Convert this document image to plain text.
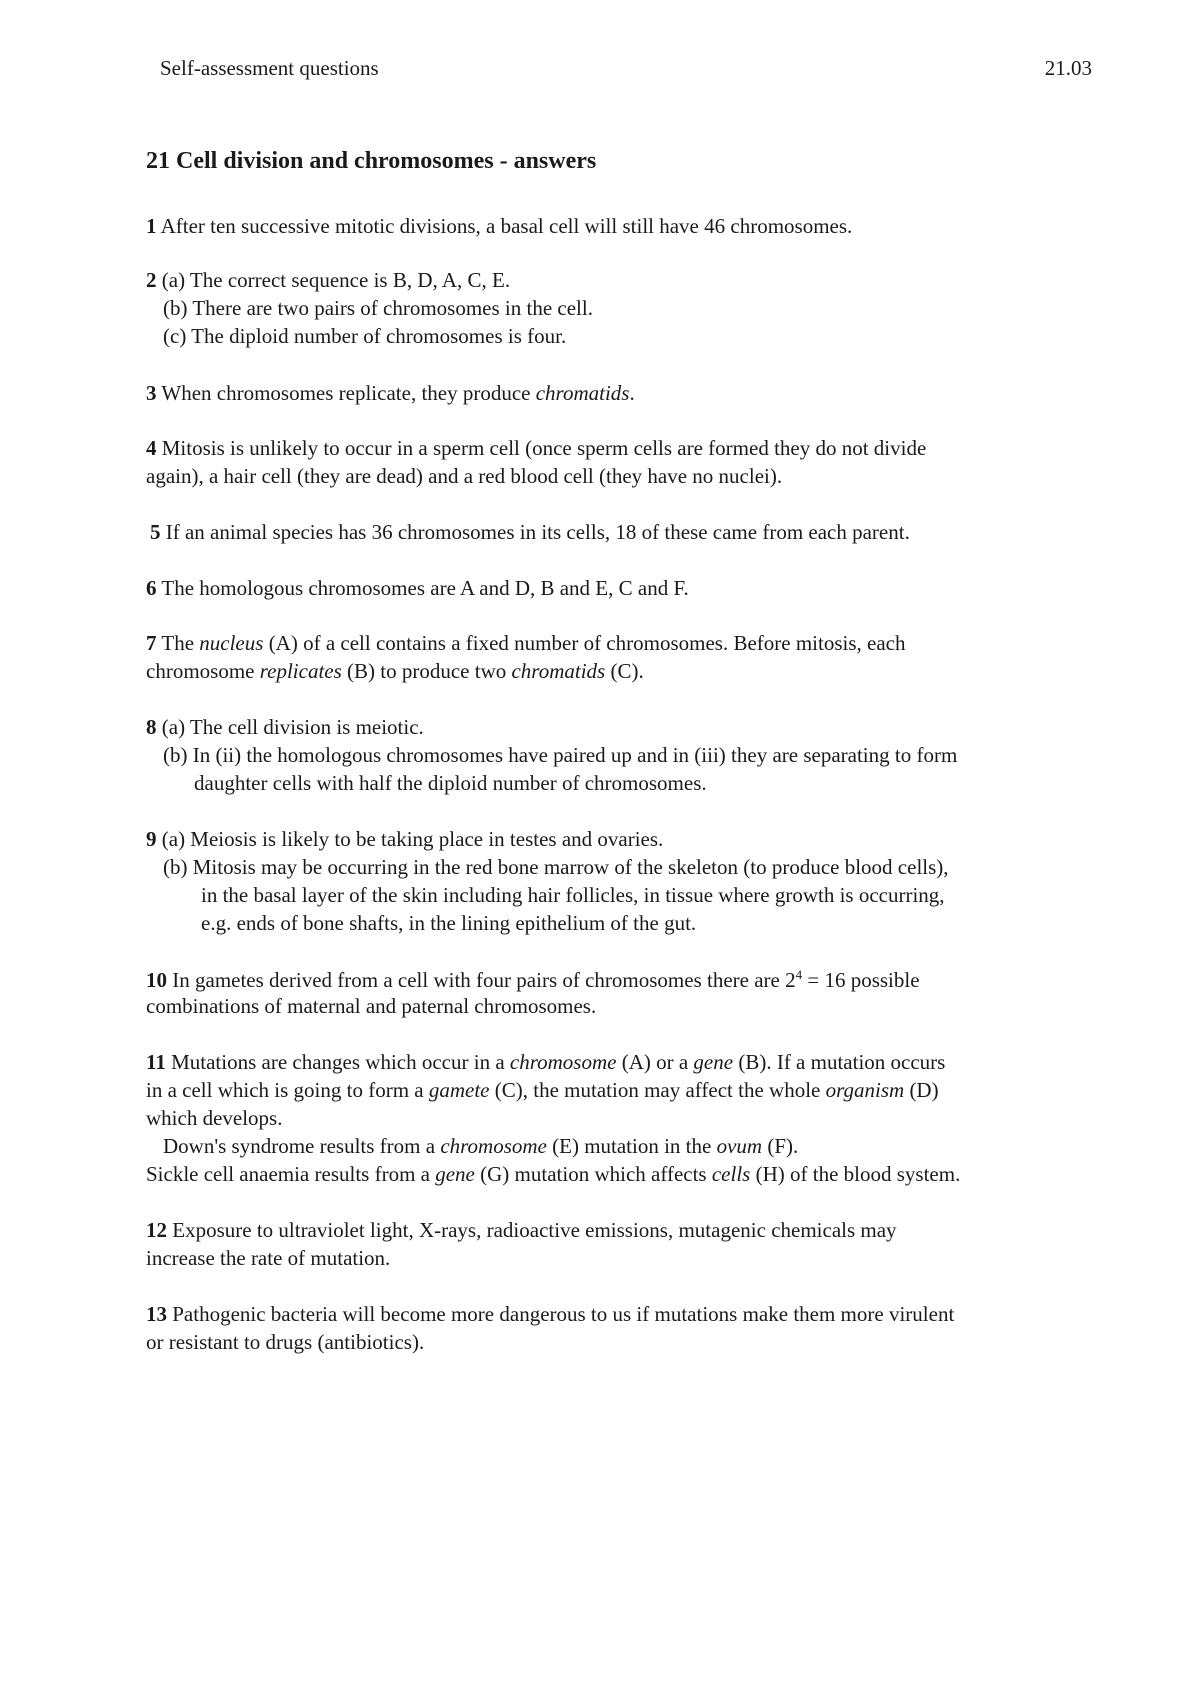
Self-assessment questions	21.03
21 Cell division and chromosomes - answers
1 After ten successive mitotic divisions, a basal cell will still have 46 chromosomes.
2 (a) The correct sequence is B, D, A, C, E.
(b) There are two pairs of chromosomes in the cell.
(c) The diploid number of chromosomes is four.
3 When chromosomes replicate, they produce chromatids.
4 Mitosis is unlikely to occur in a sperm cell (once sperm cells are formed they do not divide
again), a hair cell (they are dead) and a red blood cell (they have no nuclei).
5 If an animal species has 36 chromosomes in its cells, 18 of these came from each parent.
6 The homologous chromosomes are A and D, B and E, C and F.
7 The nucleus (A) of a cell contains a fixed number of chromosomes. Before mitosis, each
chromosome replicates (B) to produce two chromatids (C).
8 (a) The cell division is meiotic.
(b) In (ii) the homologous chromosomes have paired up and in (iii) they are separating to form
daughter cells with half the diploid number of chromosomes.
9 (a) Meiosis is likely to be taking place in testes and ovaries.
(b) Mitosis may be occurring in the red bone marrow of the skeleton (to produce blood cells),
in the basal layer of the skin including hair follicles, in tissue where growth is occurring,
e.g. ends of bone shafts, in the lining epithelium of the gut.
10 In gametes derived from a cell with four pairs of chromosomes there are $2^4 = 16$ possible
combinations of maternal and paternal chromosomes.
11 Mutations are changes which occur in a chromosome (A) or a gene (B). If a mutation occurs
in a cell which is going to form a gamete (C), the mutation may affect the whole organism (D)
which develops.
Down's syndrome results from a chromosome (E) mutation in the ovum (F).
Sickle cell anaemia results from a gene (G) mutation which affects cells (H) of the blood system.
12 Exposure to ultraviolet light, X-rays, radioactive emissions, mutagenic chemicals may
increase the rate of mutation.
13 Pathogenic bacteria will become more dangerous to us if mutations make them more virulent
or resistant to drugs (antibiotics).
